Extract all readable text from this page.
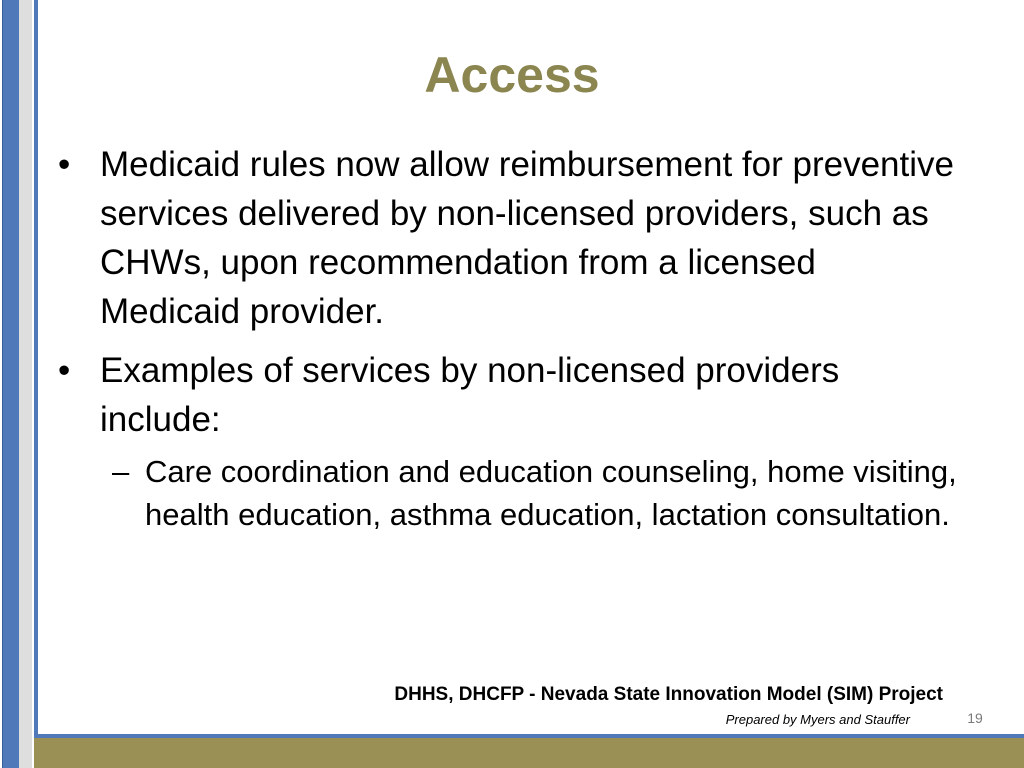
Access
• Medicaid rules now allow reimbursement for preventive services delivered by non-licensed providers, such as CHWs, upon recommendation from a licensed Medicaid provider.
• Examples of services by non-licensed providers include:
– Care coordination and education counseling, home visiting, health education, asthma education, lactation consultation.
DHHS, DHCFP - Nevada State Innovation Model (SIM) Project
Prepared by Myers and Stauffer	19
